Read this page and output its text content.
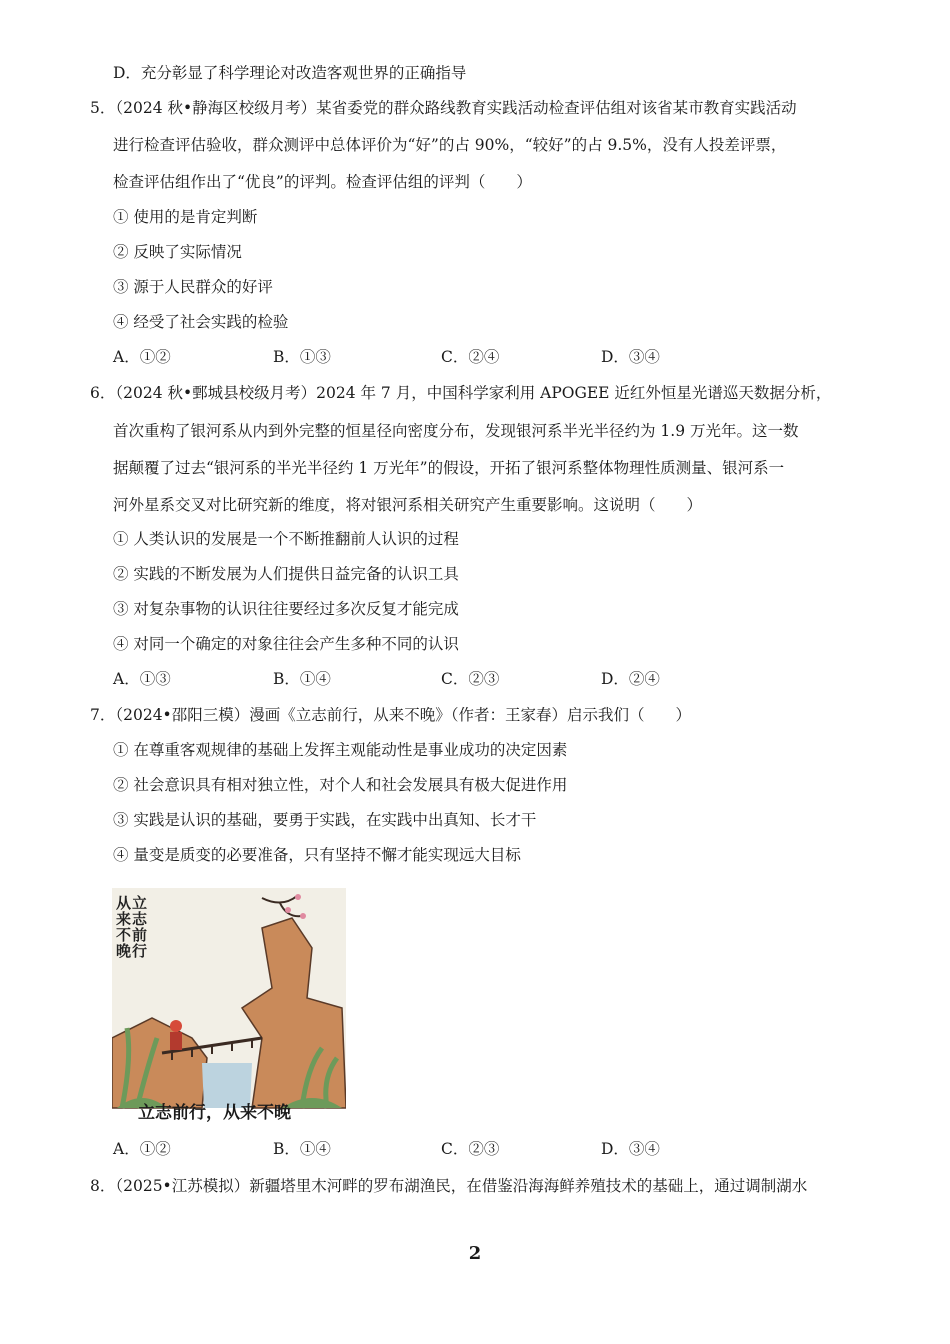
D．充分彰显了科学理论对改造客观世界的正确指导
5．（2024 秋•静海区校级月考）某省委党的群众路线教育实践活动检查评估组对该省某市教育实践活动
进行检查评估验收，群众测评中总体评价为“好”的占 90%，“较好”的占 9.5%，没有人投差评票，
检查评估组作出了“优良”的评判。检查评估组的评判（　　）
① 使用的是肯定判断
② 反映了实际情况
③ 源于人民群众的好评
④ 经受了社会实践的检验
A．①②	B．①③	C．②④	D．③④
6．（2024 秋•鄄城县校级月考）2024 年 7 月，中国科学家利用 APOGEE 近红外恒星光谱巡天数据分析，
首次重构了银河系从内到外完整的恒星径向密度分布，发现银河系半光半径约为 1.9 万光年。这一数
据颠覆了过去“银河系的半光半径约 1 万光年”的假设，开拓了银河系整体物理性质测量、银河系一
河外星系交叉对比研究新的维度，将对银河系相关研究产生重要影响。这说明（　　）
① 人类认识的发展是一个不断推翻前人认识的过程
② 实践的不断发展为人们提供日益完备的认识工具
③ 对复杂事物的认识往往要经过多次反复才能完成
④ 对同一个确定的对象往往会产生多种不同的认识
A．①③	B．①④	C．②③	D．②④
7．（2024•邵阳三模）漫画《立志前行，从来不晚》（作者：王家春）启示我们（　　）
① 在尊重客观规律的基础上发挥主观能动性是事业成功的决定因素
② 社会意识具有相对独立性，对个人和社会发展具有极大促进作用
③ 实践是认识的基础，要勇于实践，在实践中出真知、长才干
④ 量变是质变的必要准备，只有坚持不懈才能实现远大目标
立
志
前
行
从
来
不
晚
立志前行，从来不晚
A．①②	B．①④	C．②③	D．③④
8．（2025•江苏模拟）新疆塔里木河畔的罗布湖渔民，在借鉴沿海海鲜养殖技术的基础上，通过调制湖水
2
